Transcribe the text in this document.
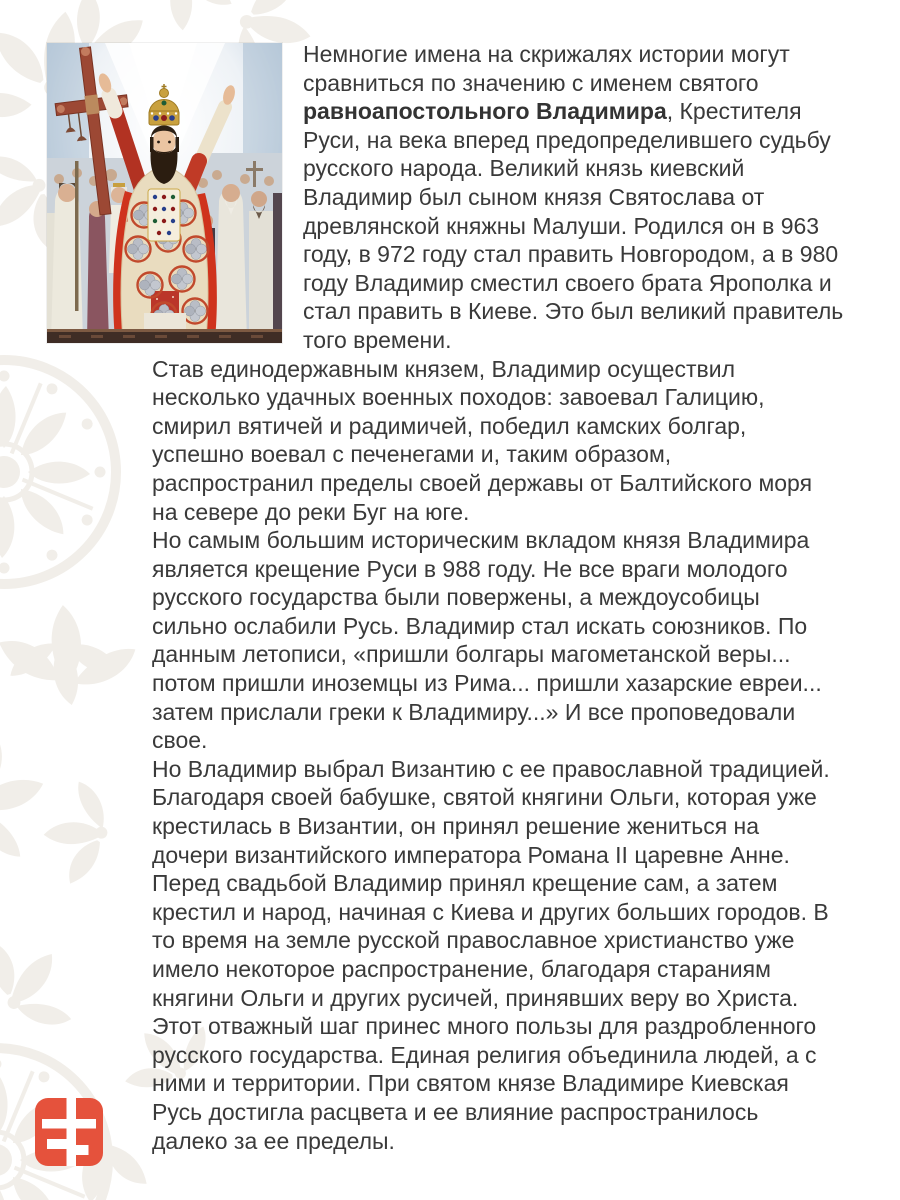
Немногие имена на скрижалях истории могут
сравниться по значению с именем святого
равноапостольного Владимира, Крестителя
Руси, на века вперед предопределившего судьбу
русского народа. Великий князь киевский
Владимир был сыном князя Святослава от
древлянской княжны Малуши. Родился он в 963
году, в 972 году стал править Новгородом, а в 980
году Владимир сместил своего брата Ярополка и
стал править в Киеве. Это был великий правитель
того времени.
Став единодержавным князем, Владимир осуществил
несколько удачных военных походов: завоевал Галицию,
смирил вятичей и радимичей, победил камских болгар,
успешно воевал с печенегами и, таким образом,
распространил пределы своей державы от Балтийского моря
на севере до реки Буг на юге.
Но самым большим историческим вкладом князя Владимира
является крещение Руси в 988 году. Не все враги молодого
русского государства были повержены, а междоусобицы
сильно ослабили Русь. Владимир стал искать союзников. По
данным летописи, «пришли болгары магометанской веры...
потом пришли иноземцы из Рима... пришли хазарские евреи...
затем прислали греки к Владимиру...» И все проповедовали
свое.
Но Владимир выбрал Византию с ее православной традицией.
Благодаря своей бабушке, святой княгини Ольги, которая уже
крестилась в Византии, он принял решение жениться на
дочери византийского императора Романа II царевне Анне.
Перед свадьбой Владимир принял крещение сам, а затем
крестил и народ, начиная с Киева и других больших городов. В
то время на земле русской православное христианство уже
имело некоторое распространение, благодаря стараниям
княгини Ольги и других русичей, принявших веру во Христа.
Этот отважный шаг принес много пользы для раздробленного
русского государства. Единая религия объединила людей, а с
ними и территории. При святом князе Владимире Киевская
Русь достигла расцвета и ее влияние распространилось
далеко за ее пределы.
